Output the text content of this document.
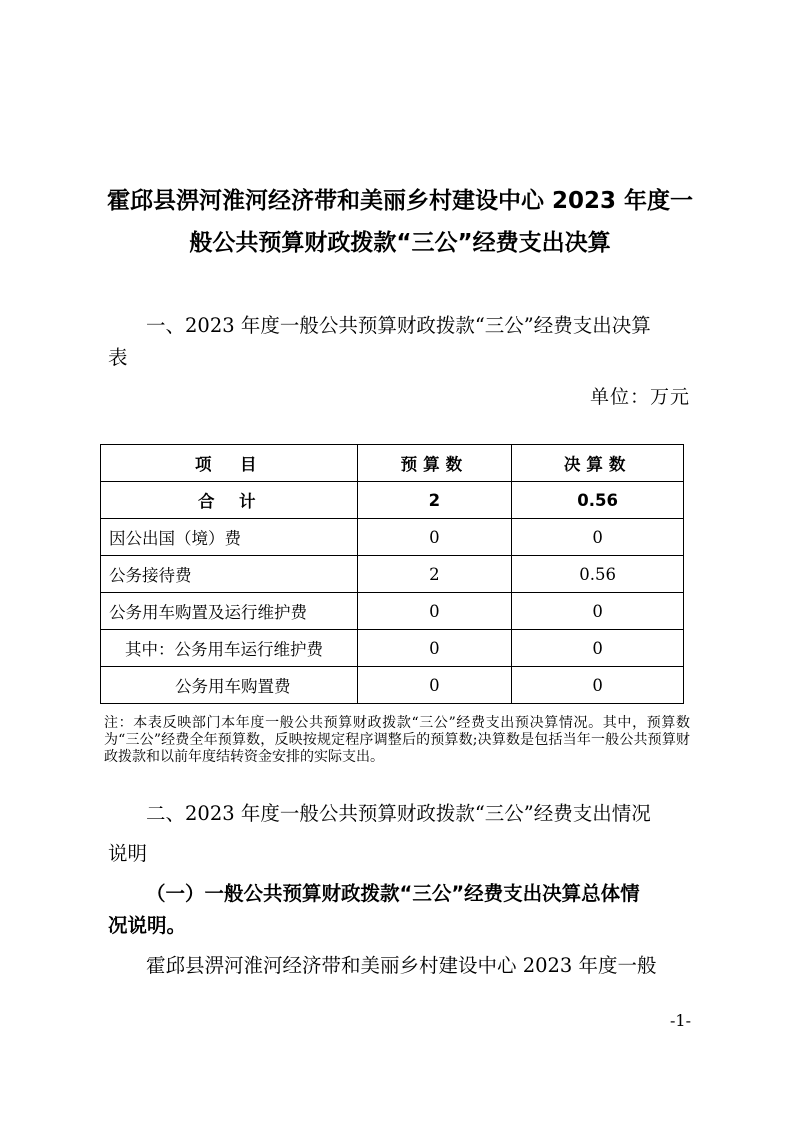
霍邱县淠河淮河经济带和美丽乡村建设中心 2023 年度一
般公共预算财政拨款“三公”经费支出决算
一、2023 年度一般公共预算财政拨款“三公”经费支出决算
表
单位：万元
项　目	预算数	决算数
合　计	2	0.56
因公出国（境）费	0	0
公务接待费	2	0.56
公务用车购置及运行维护费	0	0
其中：公务用车运行维护费	0	0
公务用车购置费	0	0
注：本表反映部门本年度一般公共预算财政拨款“三公”经费支出预决算情况。其中，预算数为“三公”经费全年预算数，反映按规定程序调整后的预算数;决算数是包括当年一般公共预算财政拨款和以前年度结转资金安排的实际支出。
二、2023 年度一般公共预算财政拨款“三公”经费支出情况
说明
（一）一般公共预算财政拨款“三公”经费支出决算总体情
况说明。
霍邱县淠河淮河经济带和美丽乡村建设中心 2023 年度一般
-1-
